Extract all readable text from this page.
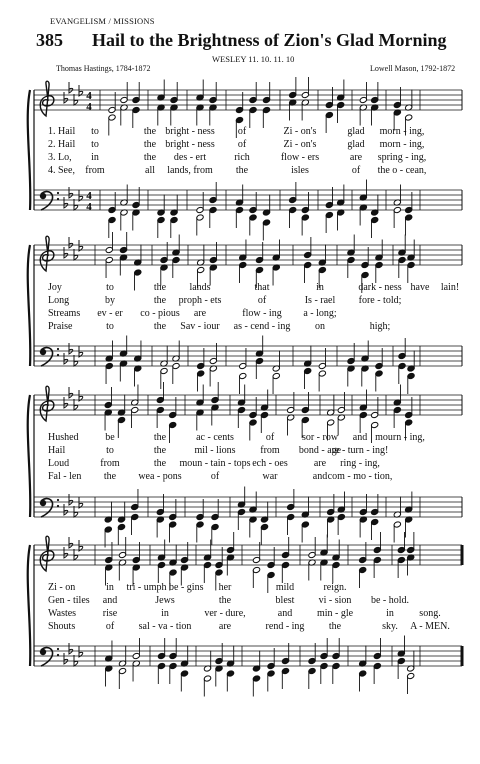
EVANGELISM / MISSIONS
385 Hail to the Brightness of Zion's Glad Morning
WESLEY 11. 10. 11. 10
Thomas Hastings, 1784-1872	Lowell Mason, 1792-1872
4
4
4
4
1. Hail to	the bright - ness of	Zi - on's	glad morn - ing,
2. Hail to	the bright - ness of	Zi - on's	glad morn - ing,
3. Lo, in	the des - ert	rich	flow - ers	are spring - ing,
4. See, from	all lands, from the	isles	of the o - cean,
Joy	to	the lands	that	in	dark - ness have lain!
Long	by	the proph - ets	of	Is - rael fore - told;
Streams ev - er co - pious are	flow - ing a - long;
Praise	to	the Sav - iour as - cend - ing on	high;
Hushed	be	the	ac - cents	of	sor - row and mourn - ing,
Hail	to	the	mil - lions from bond - age
re - turn - ing!
Loud	from	the moun - tain - tops ech - oes	are ring - ing,
Fal - len the wea - pons	of	war	and com - mo - tion,
Zi - on	in tri - umph be - gins her	mild	reign.
Gen - tiles and	Jews	the	blest vi - sion be - hold.
Wastes	rise	in	ver - dure,	and min - gle	in	song.
Shouts	of sal - va - tion	are	rend - ing the	sky. A - MEN.
